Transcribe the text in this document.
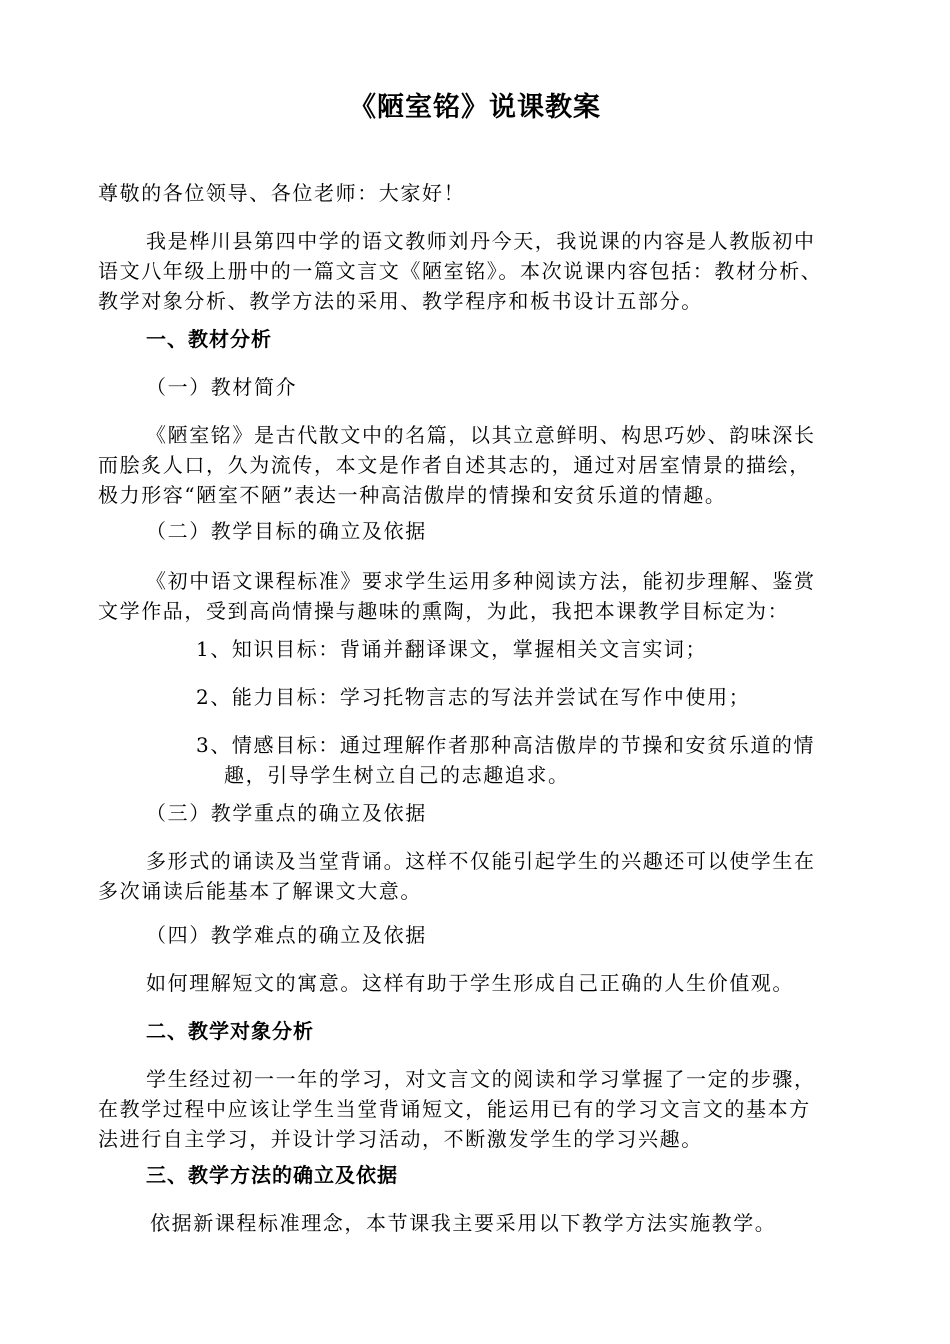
《陋室铭》说课教案
尊敬的各位领导、各位老师：大家好！
我是桦川县第四中学的语文教师刘丹今天，我说课的内容是人教版初中
语文八年级上册中的一篇文言文《陋室铭》。本次说课内容包括：教材分析、
教学对象分析、教学方法的采用、教学程序和板书设计五部分。
一、教材分析
（一）教材简介
《陋室铭》是古代散文中的名篇，以其立意鲜明、构思巧妙、韵味深长
而脍炙人口，久为流传，本文是作者自述其志的，通过对居室情景的描绘，
极力形容“陋室不陋”表达一种高洁傲岸的情操和安贫乐道的情趣。
（二）教学目标的确立及依据
《初中语文课程标准》要求学生运用多种阅读方法，能初步理解、鉴赏
文学作品，受到高尚情操与趣味的熏陶，为此，我把本课教学目标定为：
1、知识目标：背诵并翻译课文，掌握相关文言实词；
2、能力目标：学习托物言志的写法并尝试在写作中使用；
3、情感目标：通过理解作者那种高洁傲岸的节操和安贫乐道的情
趣，引导学生树立自己的志趣追求。
（三）教学重点的确立及依据
多形式的诵读及当堂背诵。这样不仅能引起学生的兴趣还可以使学生在
多次诵读后能基本了解课文大意。
（四）教学难点的确立及依据
如何理解短文的寓意。这样有助于学生形成自己正确的人生价值观。
二、教学对象分析
学生经过初一一年的学习，对文言文的阅读和学习掌握了一定的步骤，
在教学过程中应该让学生当堂背诵短文，能运用已有的学习文言文的基本方
法进行自主学习，并设计学习活动，不断激发学生的学习兴趣。
三、教学方法的确立及依据
依据新课程标准理念，本节课我主要采用以下教学方法实施教学。
